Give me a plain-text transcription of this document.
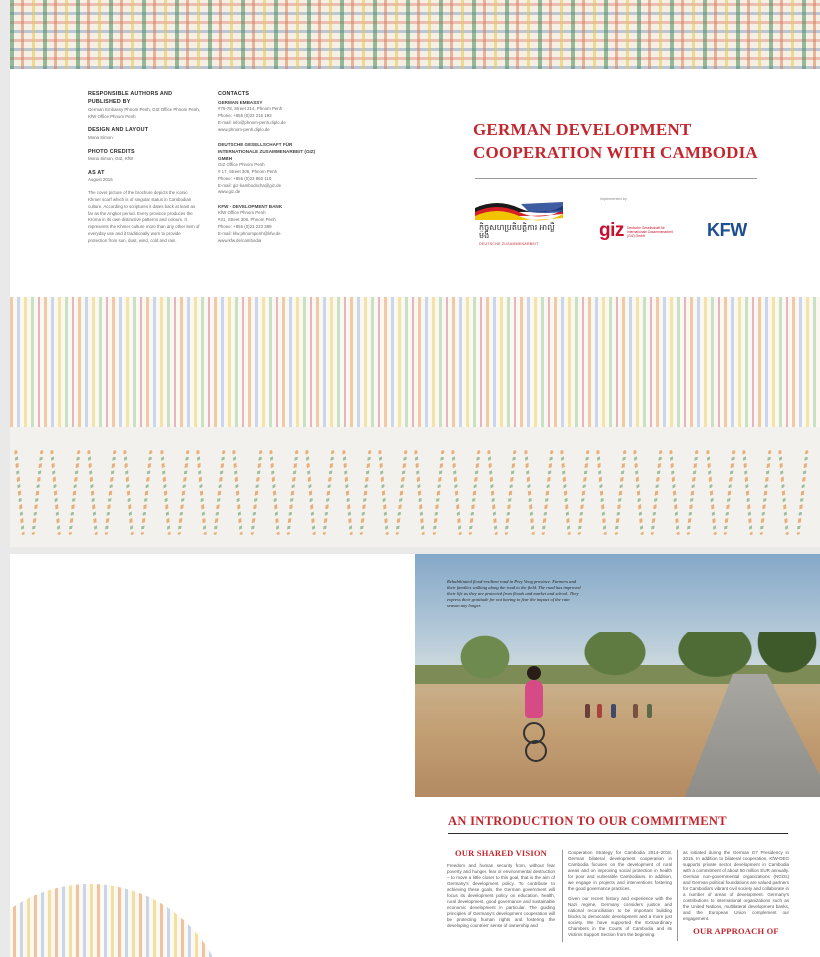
RESPONSIBLE AUTHORS AND PUBLISHED BY

German Embassy Phnom Penh, GIZ Office Phnom Penh, KfW Office Phnom Penh

DESIGN AND LAYOUT

Mona Simon

PHOTO CREDITS

Mona Simon, GIZ, KfW

AS AT

August 2016

The cover picture of the brochure depicts the iconic Khmer scarf which is of singular status in Cambodian culture. According to scriptures it dates back at least as far as the Angkor period. Every province produces the Kroma in its own distinctive patterns and colours. It represents the Khmer culture more than any other item of everyday use and it traditionally worn to provide protection from sun, dust, wind, cold and rain.

CONTACTS
GERMAN EMBASSY

#76-78, Street 214, Phnom Penh
Phone: +855 (0)23 216 193
E-mail: info@phnom-penh.diplo.de
www.phnom-penh.diplo.de

DEUTSCHE GESELLSCHAFT FÜR INTERNATIONALE ZUSAMMENARBEIT (GIZ) GMBH

GIZ Office Phnom Penh
# 17, Street 306, Phnom Penh
Phone: +855 (0)23 860 110
E-mail: giz-kambodscha@giz.de
www.giz.de

KFW - DEVELOPMENT BANK

KfW Office Phnom Penh
#31, Street 306, Phnom Penh
Phone: +855 (0)23 223 389
E-mail: kfw.phnompenh@kfw.de
www.kfw.de/cambodia

GERMAN DEVELOPMENT
COOPERATION WITH CAMBODIA
កិច្ចសហប្រតិបត្តិការ អាល្លឺម៉ង់
DEUTSCHE ZUSAMMENARBEIT
implemented by
giz Deutsche Gesellschaft für Internationale Zusammenarbeit (GIZ) GmbH	KFW
Rehabilitated flood-resilient road in Prey Veng province. Farmers and their families walking along the road to the field. The road has improved their life as they are protected from floods and market and school. They express their gratitude for not having to fear the impact of the rain season any longer.
AN INTRODUCTION TO OUR COMMITMENT
OUR SHARED VISION

Freedom and human security from, without fear poverty and hunger, fear or environmental destruction – to move a little closer to this goal, that is the aim of Germany's development policy. To contribute to achieving these goals, the German government will focus its development policy on education, health, rural development, good governance and sustainable economic development in particular. The guiding principles of Germany's development cooperation will be protecting human rights and fostering the developing countries' sense of ownership and

Cooperation Strategy for Cambodia 2014–2018. German bilateral development cooperation in Cambodia focuses on the development of rural areas and on improving social protection in health for poor and vulnerable Cambodians. In addition, we engage in projects and interventions fostering the good governance practices.

Given our recent history and experience with the Nazi regime, Germany considers justice and national reconciliation to be important building blocks to democratic development and a more just society. We have supported the Extraordinary Chambers in the Courts of Cambodia and its Victims Support Section from the beginning.

as initiated during the German G7 Presidency in 2015. In addition to bilateral cooperation, KfW-DEG supports private sector development in Cambodia with a commitment of about 50 million EUR annually. German non-governmental organizations (NGOs) and German political foundations are valued partners for Cambodia's vibrant civil society and collaborate in a number of areas of development. Germany's contributions to international organizations such as the United Nations, multilateral development banks, and the European Union complement our engagement.

OUR APPROACH OF
